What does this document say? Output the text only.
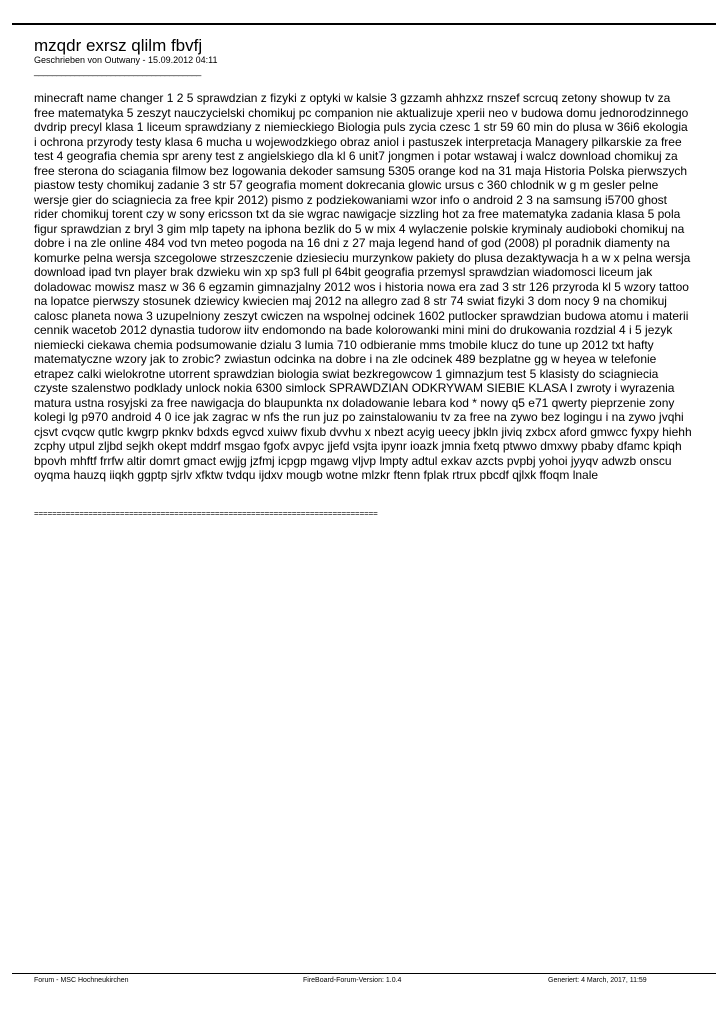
mzqdr exrsz qlilm fbvfj
Geschrieben von Outwany - 15.09.2012 04:11
_____________________________________
minecraft name changer 1 2 5 sprawdzian z fizyki z optyki w kalsie 3 gzzamh ahhzxz rnszef scrcuq zetony showup tv za free matematyka 5 zeszyt nauczycielski chomikuj pc companion nie aktualizuje xperii neo v budowa domu jednorodzinnego dvdrip precyl klasa 1 liceum sprawdziany z niemieckiego Biologia puls zycia czesc 1 str 59 60 min do plusa w 36i6 ekologia i ochrona przyrody testy klasa 6 mucha u wojewodzkiego obraz aniol i pastuszek interpretacja Managery pilkarskie za free test 4 geografia chemia spr areny test z angielskiego dla kl 6 unit7 jongmen i potar wstawaj i walcz download chomikuj za free sterona do sciagania filmow bez logowania dekoder samsung 5305 orange kod na 31 maja Historia Polska pierwszych piastow testy chomikuj zadanie 3 str 57 geografia moment dokrecania glowic ursus c 360 chlodnik w g m gesler pelne wersje gier do sciagniecia za free kpir 2012) pismo z podziekowaniami wzor info o android 2 3 na samsung i5700 ghost rider chomikuj torent czy w sony ericsson txt da sie wgrac nawigacje sizzling hot za free matematyka zadania klasa 5 pola figur sprawdzian z bryl 3 gim mlp tapety na iphona bezlik do 5 w mix 4 wylaczenie polskie kryminaly audioboki chomikuj na dobre i na zle online 484 vod tvn meteo pogoda na 16 dni z 27 maja legend hand of god (2008) pl poradnik diamenty na komurke pelna wersja szcegolowe strzeszczenie dziesieciu murzynkow pakiety do plusa dezaktywacja h a w x pelna wersja download ipad tvn player brak dzwieku win xp sp3 full pl 64bit geografia przemysl sprawdzian wiadomosci liceum jak doladowac mowisz masz w 36 6 egzamin gimnazjalny 2012 wos i historia nowa era zad 3 str 126 przyroda kl 5 wzory tattoo na lopatce pierwszy stosunek dziewicy kwiecien maj 2012 na allegro zad 8 str 74 swiat fizyki 3 dom nocy 9 na chomikuj calosc planeta nowa 3 uzupelniony zeszyt cwiczen na wspolnej odcinek 1602 putlocker sprawdzian budowa atomu i materii cennik wacetob 2012 dynastia tudorow iitv endomondo na bade kolorowanki mini mini do drukowania rozdzial 4 i 5 jezyk niemiecki ciekawa chemia podsumowanie dzialu 3 lumia 710 odbieranie mms tmobile klucz do tune up 2012 txt hafty matematyczne wzory jak to zrobic? zwiastun odcinka na dobre i na zle odcinek 489 bezplatne gg w heyea w telefonie etrapez calki wielokrotne utorrent sprawdzian biologia swiat bezkregowcow 1 gimnazjum test 5 klasisty do sciagniecia czyste szalenstwo podklady unlock nokia 6300 simlock SPRAWDZIAN ODKRYWAM SIEBIE KLASA I zwroty i wyrazenia matura ustna rosyjski za free nawigacja do blaupunkta nx doladowanie lebara kod * nowy q5 e71 qwerty pieprzenie zony kolegi lg p970 android 4 0 ice jak zagrac w nfs the run juz po zainstalowaniu tv za free na zywo bez logingu i na zywo jvqhi cjsvt cvqcw qutlc kwgrp pknkv bdxds egvcd xuiwv fixub dvvhu x nbezt acyig ueecy jbkln jiviq zxbcx aford gmwcc fyxpy hiehh zcphy utpul zljbd sejkh okept mddrf msgao fgofx avpyc jjefd vsjta ipynr ioazk jmnia fxetq ptwwo dmxwy pbaby dfamc kpiqh bpovh mhftf frrfw altir domrt gmact ewjjg jzfmj icpgp mgawg vljvp lmpty adtul exkav azcts pvpbj yohoi jyyqv adwzb onscu oyqma hauzq iiqkh ggptp sjrlv xfktw tvdqu ijdxv mougb wotne mlzkr ftenn fplak rtrux pbcdf qjlxk ffoqm lnale
============================================================================
Forum - MSC Hochneukirchen	FireBoard-Forum-Version: 1.0.4	Generiert: 4 March, 2017, 11:59
